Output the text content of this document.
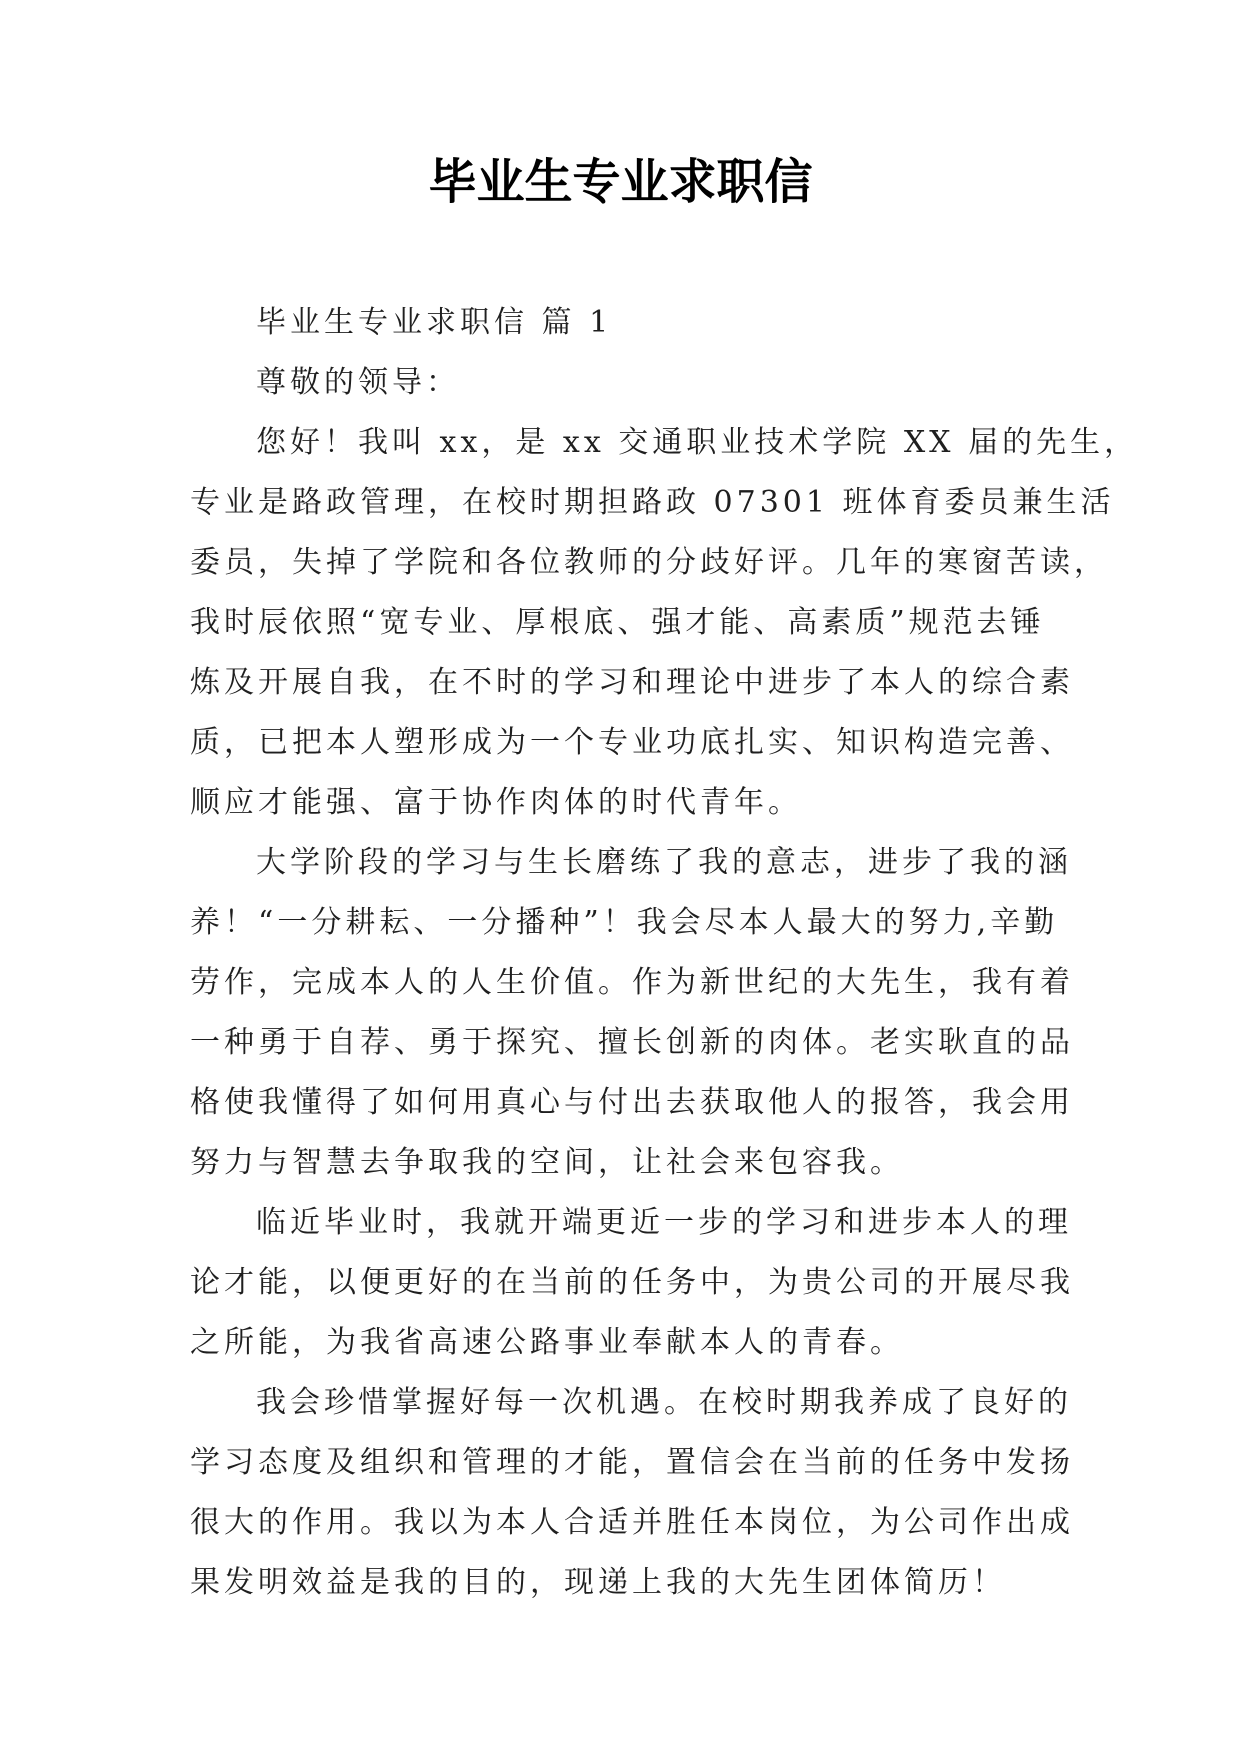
毕业生专业求职信
毕业生专业求职信 篇 1
尊敬的领导：
您好！我叫 xx，是 xx 交通职业技术学院 XX 届的先生，
专业是路政管理，在校时期担路政 07301 班体育委员兼生活
委员，失掉了学院和各位教师的分歧好评。几年的寒窗苦读，
我时辰依照“宽专业、厚根底、强才能、高素质”规范去锤
炼及开展自我，在不时的学习和理论中进步了本人的综合素
质，已把本人塑形成为一个专业功底扎实、知识构造完善、
顺应才能强、富于协作肉体的时代青年。
大学阶段的学习与生长磨练了我的意志，进步了我的涵
养！“一分耕耘、一分播种”！我会尽本人最大的努力,辛勤
劳作，完成本人的人生价值。作为新世纪的大先生，我有着
一种勇于自荐、勇于探究、擅长创新的肉体。老实耿直的品
格使我懂得了如何用真心与付出去获取他人的报答，我会用
努力与智慧去争取我的空间，让社会来包容我。
临近毕业时，我就开端更近一步的学习和进步本人的理
论才能，以便更好的在当前的任务中，为贵公司的开展尽我
之所能，为我省高速公路事业奉献本人的青春。
我会珍惜掌握好每一次机遇。在校时期我养成了良好的
学习态度及组织和管理的才能，置信会在当前的任务中发扬
很大的作用。我以为本人合适并胜任本岗位，为公司作出成
果发明效益是我的目的，现递上我的大先生团体简历！
